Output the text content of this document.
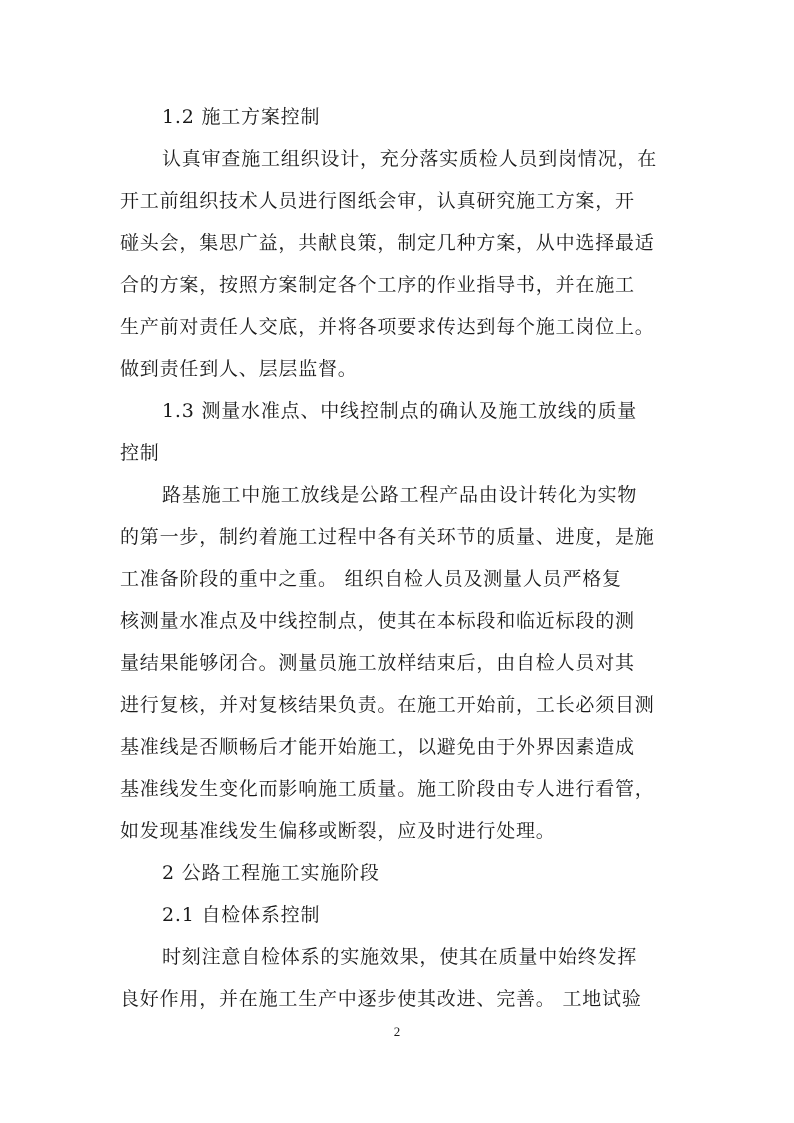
1.2 施工方案控制
认真审查施工组织设计，充分落实质检人员到岗情况，在
开工前组织技术人员进行图纸会审，认真研究施工方案，开
碰头会，集思广益，共献良策，制定几种方案，从中选择最适
合的方案，按照方案制定各个工序的作业指导书，并在施工
生产前对责任人交底，并将各项要求传达到每个施工岗位上。
做到责任到人、层层监督。
1.3 测量水准点、中线控制点的确认及施工放线的质量
控制
路基施工中施工放线是公路工程产品由设计转化为实物
的第一步，制约着施工过程中各有关环节的质量、进度，是施
工准备阶段的重中之重。 组织自检人员及测量人员严格复
核测量水准点及中线控制点，使其在本标段和临近标段的测
量结果能够闭合。测量员施工放样结束后，由自检人员对其
进行复核，并对复核结果负责。在施工开始前，工长必须目测
基准线是否顺畅后才能开始施工，以避免由于外界因素造成
基准线发生变化而影响施工质量。施工阶段由专人进行看管，
如发现基准线发生偏移或断裂，应及时进行处理。
2 公路工程施工实施阶段
2.1 自检体系控制
时刻注意自检体系的实施效果，使其在质量中始终发挥
良好作用，并在施工生产中逐步使其改进、完善。 工地试验
2
